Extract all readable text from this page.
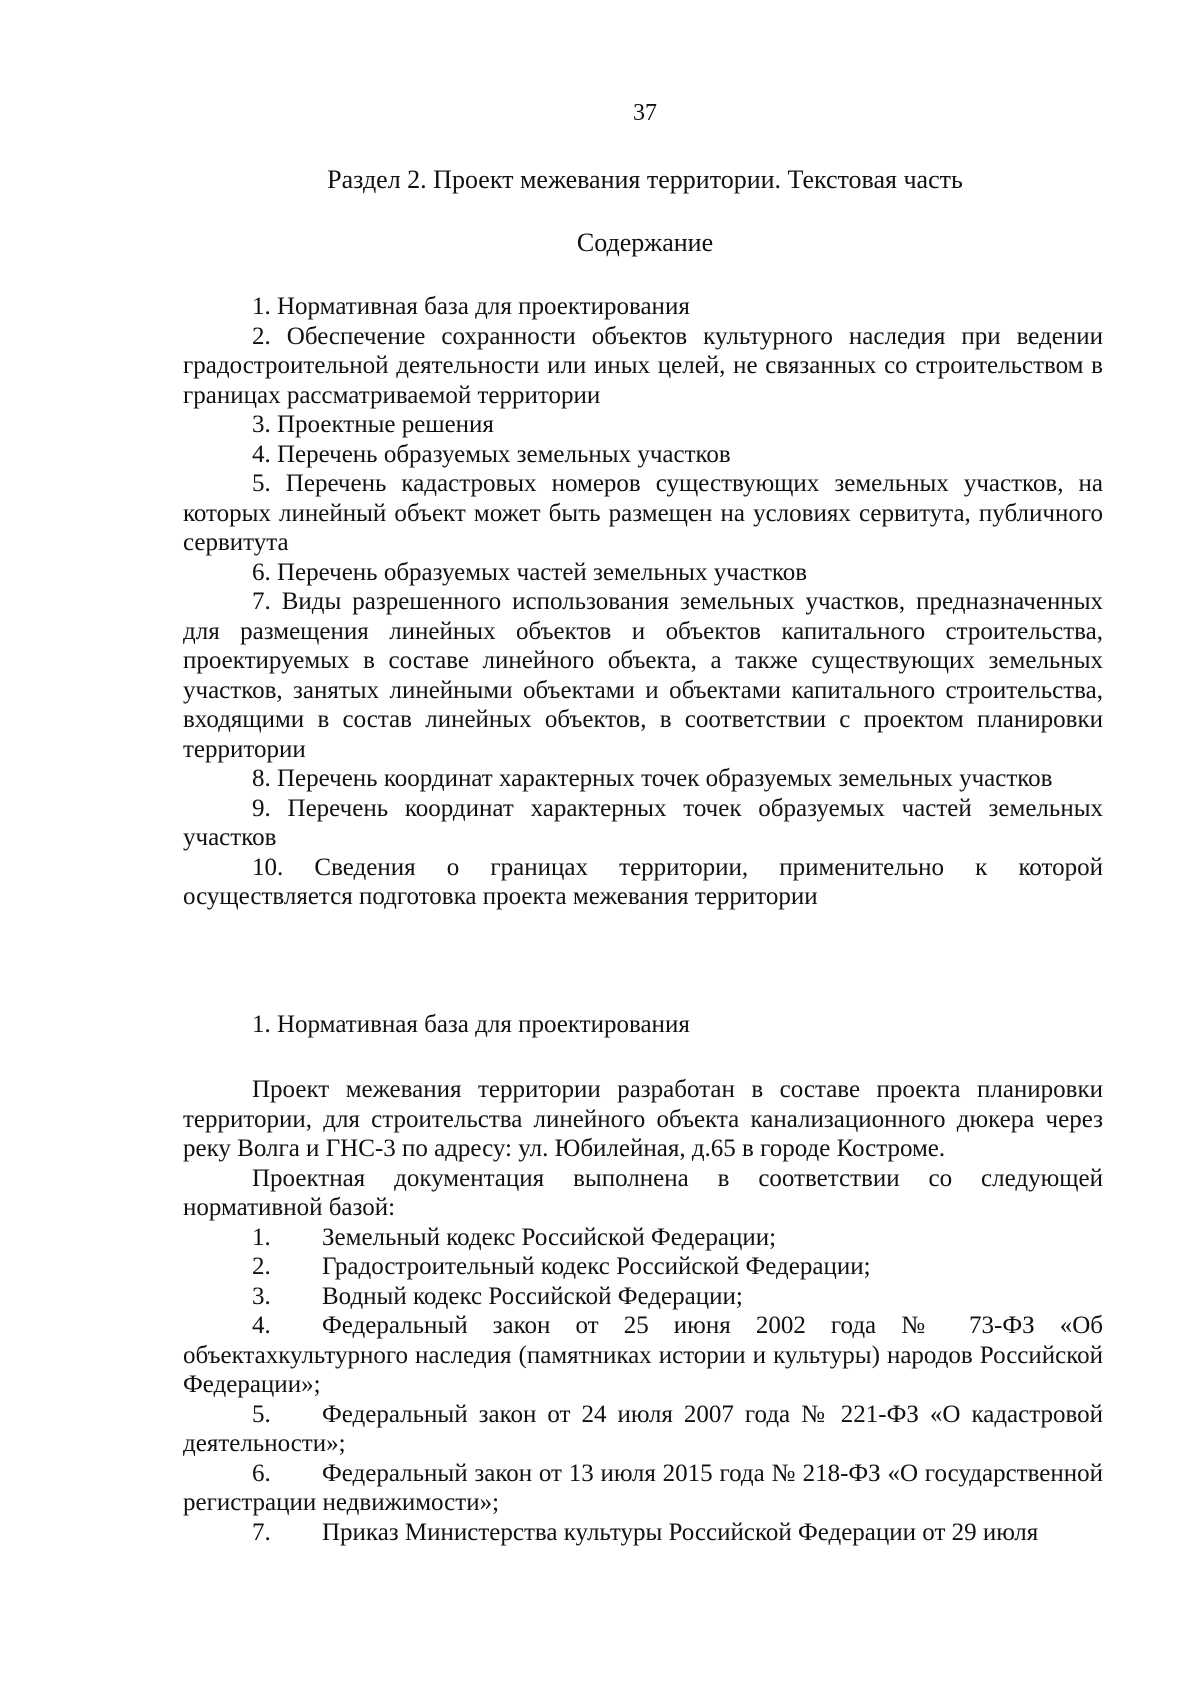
37
Раздел 2. Проект межевания территории. Текстовая часть
Содержание

1. Нормативная база для проектирования

2. Обеспечение сохранности объектов культурного наследия при ведении градостроительной деятельности или иных целей, не связанных со строительством в границах рассматриваемой территории

3. Проектные решения

4. Перечень образуемых земельных участков

5. Перечень кадастровых номеров существующих земельных участков, на которых линейный объект может быть размещен на условиях сервитута, публичного сервитута

6. Перечень образуемых частей земельных участков

7. Виды разрешенного использования земельных участков, предназначенных для размещения линейных объектов и объектов капитального строительства, проектируемых в составе линейного объекта, а также существующих земельных участков, занятых линейными объектами и объектами капитального строительства, входящими в состав линейных объектов, в соответствии с проектом планировки территории

8. Перечень координат характерных точек образуемых земельных участков

9. Перечень координат характерных точек образуемых частей земельных участков

10. Сведения о границах территории, применительно к которой осуществляется подготовка проекта межевания территории

1. Нормативная база для проектирования

Проект межевания территории разработан в составе проекта планировки территории, для строительства линейного объекта канализационного дюкера через реку Волга и ГНС-3 по адресу: ул. Юбилейная, д.65 в городе Костроме.

Проектная документация выполнена в соответствии со следующей нормативной базой:

1. Земельный кодекс Российской Федерации;

2. Градостроительный кодекс Российской Федерации;

3. Водный кодекс Российской Федерации;

4. Федеральный закон от 25 июня 2002 года № 73-ФЗ «Об объектахкультурного наследия (памятниках истории и культуры) народов Российской Федерации»;

5. Федеральный закон от 24 июля 2007 года № 221-ФЗ «О кадастровой деятельности»;

6. Федеральный закон от 13 июля 2015 года № 218-ФЗ «О государственной регистрации недвижимости»;

7. Приказ Министерства культуры Российской Федерации от 29 июля
